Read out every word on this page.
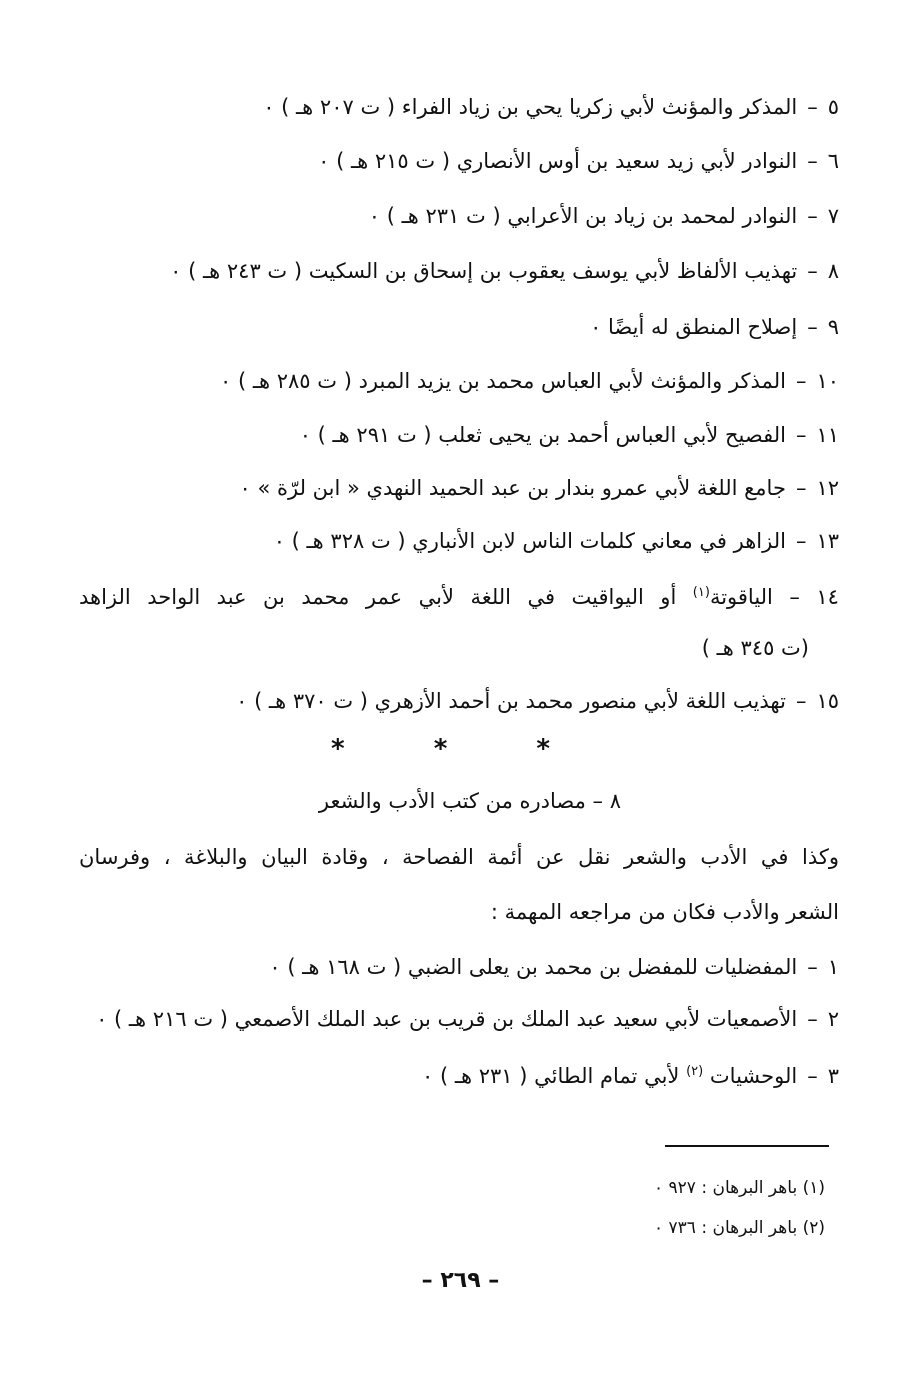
٥–المذكر والمؤنث لأبي زكريا يحي بن زياد الفراء ( ت ٢٠٧ هـ ) ٠
٦–النوادر لأبي زيد سعيد بن أوس الأنصاري ( ت ٢١٥ هـ ) ٠
٧–النوادر لمحمد بن زياد بن الأعرابي ( ت ٢٣١ هـ ) ٠
٨–تهذيب الألفاظ لأبي يوسف يعقوب بن إسحاق بن السكيت ( ت ٢٤٣ هـ ) ٠
٩–إصلاح المنطق له أيضًا ٠
١٠–المذكر والمؤنث لأبي العباس محمد بن يزيد المبرد ( ت ٢٨٥ هـ ) ٠
١١–الفصيح لأبي العباس أحمد بن يحيى ثعلب ( ت ٢٩١ هـ ) ٠
١٢–جامع اللغة لأبي عمرو بندار بن عبد الحميد النهدي « ابن لرّة » ٠
١٣–الزاهر في معاني كلمات الناس لابن الأنباري ( ت ٣٢٨ هـ ) ٠
١٤ – الياقوتة$^{(١)}$ أو اليواقيت في اللغة لأبي عمر محمد بن عبد الواحد الزاهد
(ت ٣٤٥ هـ )
١٥–تهذيب اللغة لأبي منصور محمد بن أحمد الأزهري ( ت ٣٧٠ هـ ) ٠
* * *
٨ – مصادره من كتب الأدب والشعر
وكذا في الأدب والشعر نقل عن أئمة الفصاحة ، وقادة البيان والبلاغة ، وفرسان
الشعر والأدب فكان من مراجعه المهمة :
١–المفضليات للمفضل بن محمد بن يعلى الضبي ( ت ١٦٨ هـ ) ٠
٢–الأصمعيات لأبي سعيد عبد الملك بن قريب بن عبد الملك الأصمعي ( ت ٢١٦ هـ ) ٠
٣–الوحشيات $^{(٢)}$ لأبي تمام الطائي ( ٢٣١ هـ ) ٠
(١) باهر البرهان : ٩٢٧ ٠
(٢) باهر البرهان : ٧٣٦ ٠
– ٢٦٩ –
